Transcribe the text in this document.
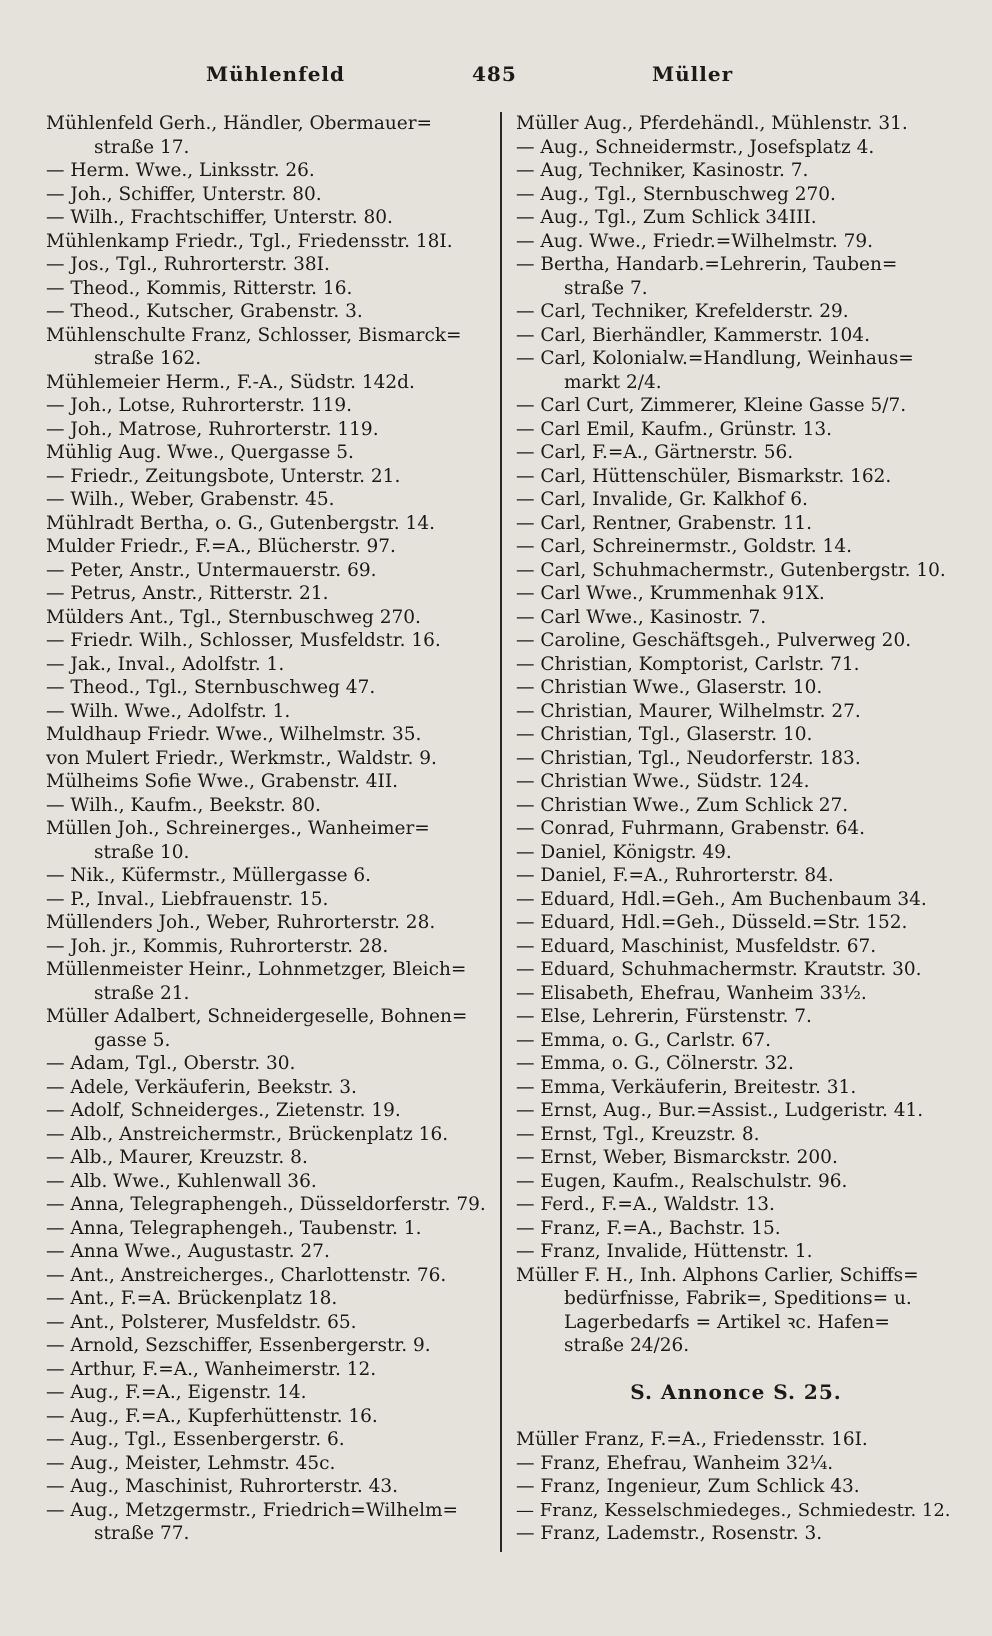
Mühlenfeld	485	Müller
Mühlenfeld Gerh., Händler, Obermauer=
straße 17.
— Herm. Wwe., Linksstr. 26.
— Joh., Schiffer, Unterstr. 80.
— Wilh., Frachtschiffer, Unterstr. 80.
Mühlenkamp Friedr., Tgl., Friedensstr. 18I.
— Jos., Tgl., Ruhrorterstr. 38I.
— Theod., Kommis, Ritterstr. 16.
— Theod., Kutscher, Grabenstr. 3.
Mühlenschulte Franz, Schlosser, Bismarck=
straße 162.
Mühlemeier Herm., F.-A., Südstr. 142d.
— Joh., Lotse, Ruhrorterstr. 119.
— Joh., Matrose, Ruhrorterstr. 119.
Mühlig Aug. Wwe., Quergasse 5.
— Friedr., Zeitungsbote, Unterstr. 21.
— Wilh., Weber, Grabenstr. 45.
Mühlradt Bertha, o. G., Gutenbergstr. 14.
Mulder Friedr., F.=A., Blücherstr. 97.
— Peter, Anstr., Untermauerstr. 69.
— Petrus, Anstr., Ritterstr. 21.
Mülders Ant., Tgl., Sternbuschweg 270.
— Friedr. Wilh., Schlosser, Musfeldstr. 16.
— Jak., Inval., Adolfstr. 1.
— Theod., Tgl., Sternbuschweg 47.
— Wilh. Wwe., Adolfstr. 1.
Muldhaup Friedr. Wwe., Wilhelmstr. 35.
von Mulert Friedr., Werkmstr., Waldstr. 9.
Mülheims Sofie Wwe., Grabenstr. 4II.
— Wilh., Kaufm., Beekstr. 80.
Müllen Joh., Schreinerges., Wanheimer=
straße 10.
— Nik., Küfermstr., Müllergasse 6.
— P., Inval., Liebfrauenstr. 15.
Müllenders Joh., Weber, Ruhrorterstr. 28.
— Joh. jr., Kommis, Ruhrorterstr. 28.
Müllenmeister Heinr., Lohnmetzger, Bleich=
straße 21.
Müller Adalbert, Schneidergeselle, Bohnen=
gasse 5.
— Adam, Tgl., Oberstr. 30.
— Adele, Verkäuferin, Beekstr. 3.
— Adolf, Schneiderges., Zietenstr. 19.
— Alb., Anstreichermstr., Brückenplatz 16.
— Alb., Maurer, Kreuzstr. 8.
— Alb. Wwe., Kuhlenwall 36.
— Anna, Telegraphengeh., Düsseldorferstr. 79.
— Anna, Telegraphengeh., Taubenstr. 1.
— Anna Wwe., Augustastr. 27.
— Ant., Anstreicherges., Charlottenstr. 76.
— Ant., F.=A. Brückenplatz 18.
— Ant., Polsterer, Musfeldstr. 65.
— Arnold, Sezschiffer, Essenbergerstr. 9.
— Arthur, F.=A., Wanheimerstr. 12.
— Aug., F.=A., Eigenstr. 14.
— Aug., F.=A., Kupferhüttenstr. 16.
— Aug., Tgl., Essenbergerstr. 6.
— Aug., Meister, Lehmstr. 45c.
— Aug., Maschinist, Ruhrorterstr. 43.
— Aug., Metzgermstr., Friedrich=Wilhelm=
straße 77.
Müller Aug., Pferdehändl., Mühlenstr. 31.
— Aug., Schneidermstr., Josefsplatz 4.
— Aug, Techniker, Kasinostr. 7.
— Aug., Tgl., Sternbuschweg 270.
— Aug., Tgl., Zum Schlick 34III.
— Aug. Wwe., Friedr.=Wilhelmstr. 79.
— Bertha, Handarb.=Lehrerin, Tauben=
straße 7.
— Carl, Techniker, Krefelderstr. 29.
— Carl, Bierhändler, Kammerstr. 104.
— Carl, Kolonialw.=Handlung, Weinhaus=
markt 2/4.
— Carl Curt, Zimmerer, Kleine Gasse 5/7.
— Carl Emil, Kaufm., Grünstr. 13.
— Carl, F.=A., Gärtnerstr. 56.
— Carl, Hüttenschüler, Bismarkstr. 162.
— Carl, Invalide, Gr. Kalkhof 6.
— Carl, Rentner, Grabenstr. 11.
— Carl, Schreinermstr., Goldstr. 14.
— Carl, Schuhmachermstr., Gutenbergstr. 10.
— Carl Wwe., Krummenhak 91X.
— Carl Wwe., Kasinostr. 7.
— Caroline, Geschäftsgeh., Pulverweg 20.
— Christian, Komptorist, Carlstr. 71.
— Christian Wwe., Glaserstr. 10.
— Christian, Maurer, Wilhelmstr. 27.
— Christian, Tgl., Glaserstr. 10.
— Christian, Tgl., Neudorferstr. 183.
— Christian Wwe., Südstr. 124.
— Christian Wwe., Zum Schlick 27.
— Conrad, Fuhrmann, Grabenstr. 64.
— Daniel, Königstr. 49.
— Daniel, F.=A., Ruhrorterstr. 84.
— Eduard, Hdl.=Geh., Am Buchenbaum 34.
— Eduard, Hdl.=Geh., Düsseld.=Str. 152.
— Eduard, Maschinist, Musfeldstr. 67.
— Eduard, Schuhmachermstr. Krautstr. 30.
— Elisabeth, Ehefrau, Wanheim 33½.
— Else, Lehrerin, Fürstenstr. 7.
— Emma, o. G., Carlstr. 67.
— Emma, o. G., Cölnerstr. 32.
— Emma, Verkäuferin, Breitestr. 31.
— Ernst, Aug., Bur.=Assist., Ludgeristr. 41.
— Ernst, Tgl., Kreuzstr. 8.
— Ernst, Weber, Bismarckstr. 200.
— Eugen, Kaufm., Realschulstr. 96.
— Ferd., F.=A., Waldstr. 13.
— Franz, F.=A., Bachstr. 15.
— Franz, Invalide, Hüttenstr. 1.
Müller F. H., Inh. Alphons Carlier, Schiffs=
bedürfnisse, Fabrik=, Speditions= u.
Lagerbedarfs = Artikel ꝛc. Hafen=
straße 24/26.
S. Annonce S. 25.
Müller Franz, F.=A., Friedensstr. 16I.
— Franz, Ehefrau, Wanheim 32¼.
— Franz, Ingenieur, Zum Schlick 43.
— Franz, Kesselschmiedeges., Schmiedestr. 12.
— Franz, Lademstr., Rosenstr. 3.
